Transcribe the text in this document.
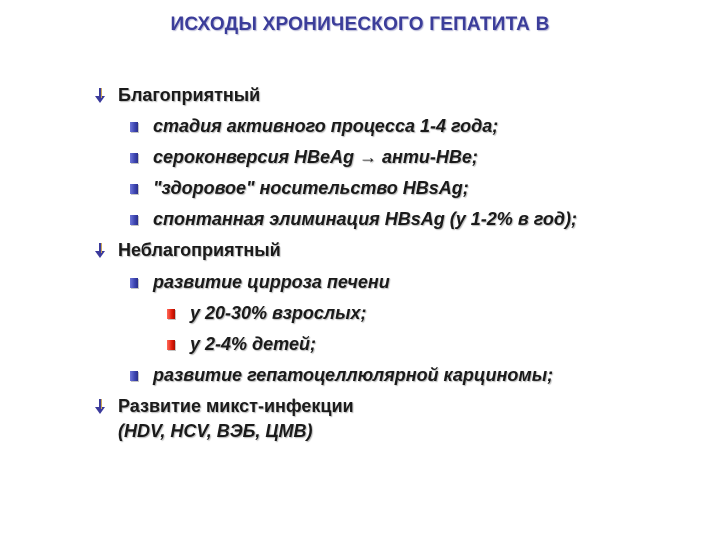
ИСХОДЫ ХРОНИЧЕСКОГО ГЕПАТИТА В
Благоприятный
стадия активного процесса 1-4 года;
сероконверсия HBeAg → анти-HBe;
"здоровое" носительство HBsAg;
спонтанная элиминация HBsAg (у 1-2% в год);
Неблагоприятный
развитие цирроза печени
у 20-30% взрослых;
у 2-4% детей;
развитие гепатоцеллюлярной карциномы;
Развитие микст-инфекции
(HDV, HCV, ВЭБ, ЦМВ)
